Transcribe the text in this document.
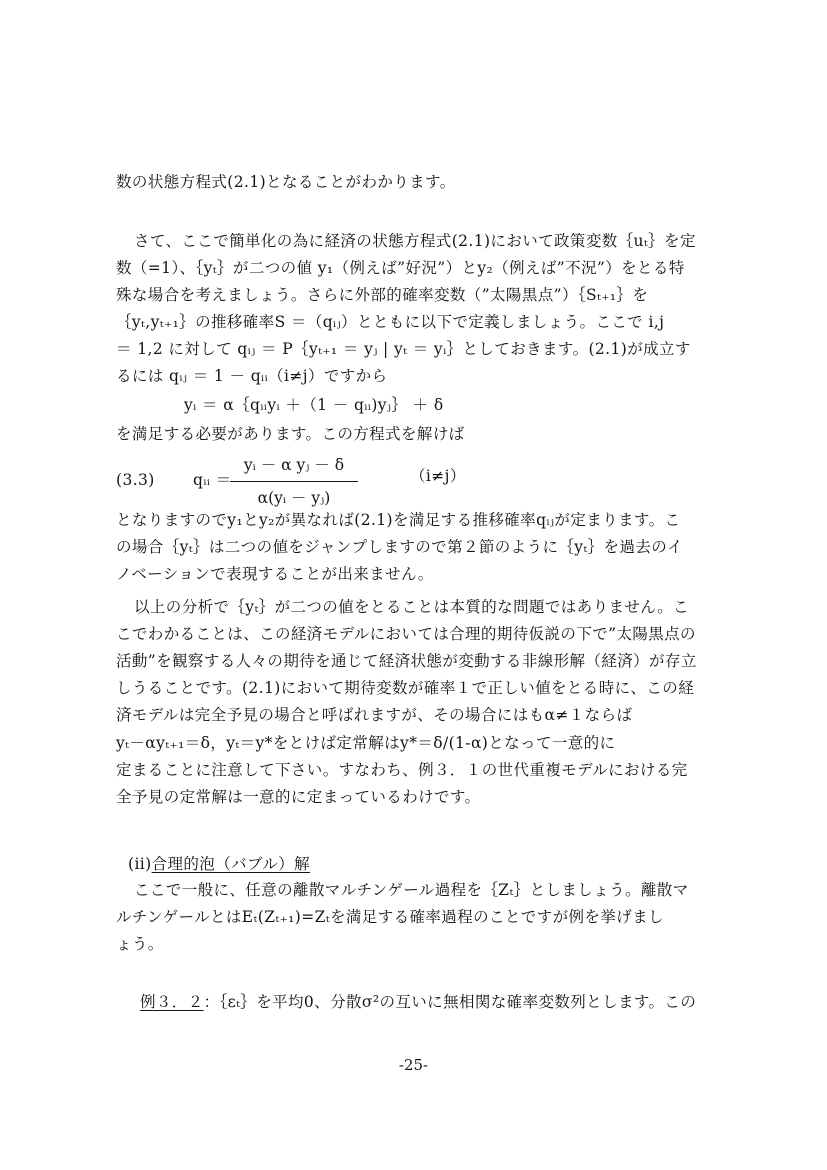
数の状態方程式(2.1)となることがわかります。
さて、ここで簡単化の為に経済の状態方程式(2.1)において政策変数｛uₜ｝を定
数（=1）、｛yₜ｝が二つの値 y₁（例えば”好況”）とy₂（例えば”不況”）をとる特
殊な場合を考えましょう。さらに外部的確率変数（”太陽黒点”）｛Sₜ₊₁｝を
｛yₜ,yₜ₊₁｝の推移確率S ＝（qᵢⱼ）とともに以下で定義しましょう。ここで i,j
＝ 1,2 に対して qᵢⱼ ＝ P｛yₜ₊₁ ＝ yⱼ | yₜ ＝ yᵢ｝としておきます。(2.1)が成立す
るには qᵢⱼ ＝ 1 － qᵢᵢ（i≠j）ですから
yᵢ ＝ α｛qᵢᵢyᵢ ＋（1 － qᵢᵢ)yⱼ｝ ＋ δ
を満足する必要があります。この方程式を解けば
(3.3) qᵢᵢ ＝
$\frac{\text{yᵢ － α yⱼ － δ}}{\text{α(yᵢ － yⱼ)}}$	（i≠j）
となりますのでy₁とy₂が異なれば(2.1)を満足する推移確率qᵢⱼが定まります。こ
の場合｛yₜ｝は二つの値をジャンプしますので第２節のように｛yₜ｝を過去のイ
ノベーションで表現することが出来ません。
以上の分析で｛yₜ｝が二つの値をとることは本質的な問題ではありません。こ
こでわかることは、この経済モデルにおいては合理的期待仮説の下で”太陽黒点の
活動”を観察する人々の期待を通じて経済状態が変動する非線形解（経済）が存立
しうることです。(2.1)において期待変数が確率１で正しい値をとる時に、この経
済モデルは完全予見の場合と呼ばれますが、その場合にはもα≠１ならば
yₜ－αyₜ₊₁＝δ，yₜ＝y*をとけば定常解はy*＝δ/(1-α)となって一意的に
定まることに注意して下さい。すなわち、例３．１の世代重複モデルにおける完
全予見の定常解は一意的に定まっているわけです。
(ii)合理的泡（バブル）解
ここで一般に、任意の離散マルチンゲール過程を｛Zₜ｝としましょう。離散マ
ルチンゲールとはEₜ(Zₜ₊₁)=Zₜを満足する確率過程のことですが例を挙げまし
ょう。
例３．２：｛εₜ｝を平均0、分散σ²の互いに無相関な確率変数列とします。この
-25-
